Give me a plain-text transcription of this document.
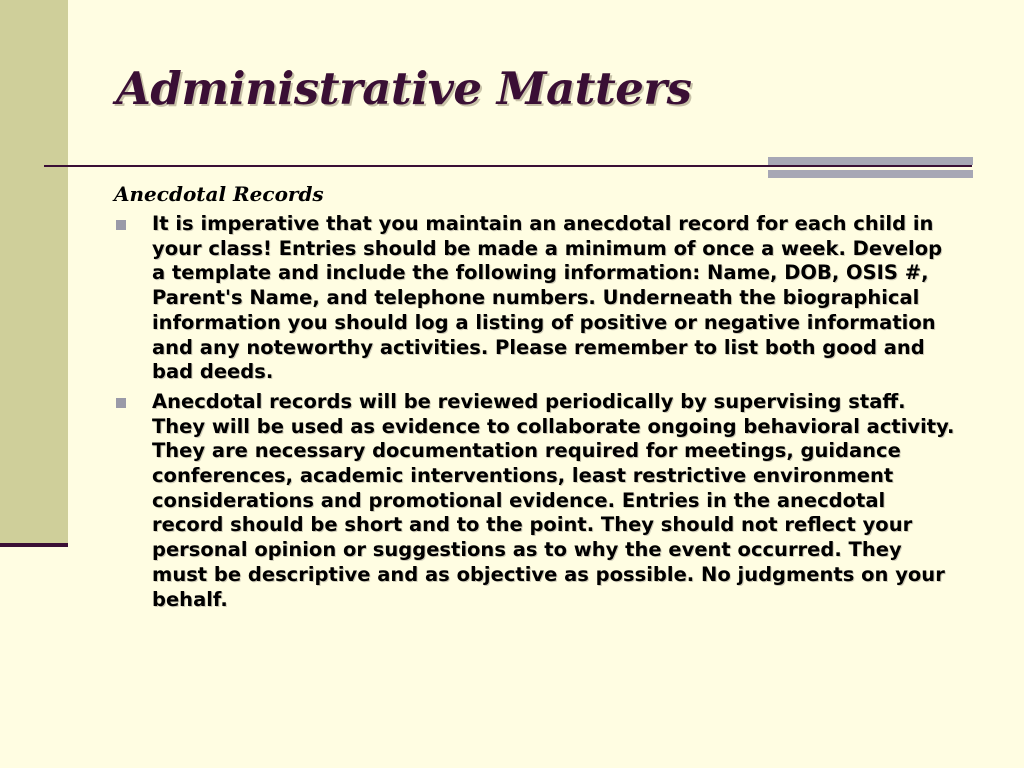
Administrative Matters
Anecdotal Records
It is imperative that you maintain an anecdotal record for each child in your class! Entries should be made a minimum of once a week. Develop a template and include the following information: Name, DOB, OSIS #, Parent's Name, and telephone numbers. Underneath the biographical information you should log a listing of positive or negative information and any noteworthy activities. Please remember to list both good and bad deeds.
Anecdotal records will be reviewed periodically by supervising staff. They will be used as evidence to collaborate ongoing behavioral activity. They are necessary documentation required for meetings, guidance conferences, academic interventions, least restrictive environment considerations and promotional evidence. Entries in the anecdotal record should be short and to the point. They should not reflect your personal opinion or suggestions as to why the event occurred. They must be descriptive and as objective as possible. No judgments on your behalf.
